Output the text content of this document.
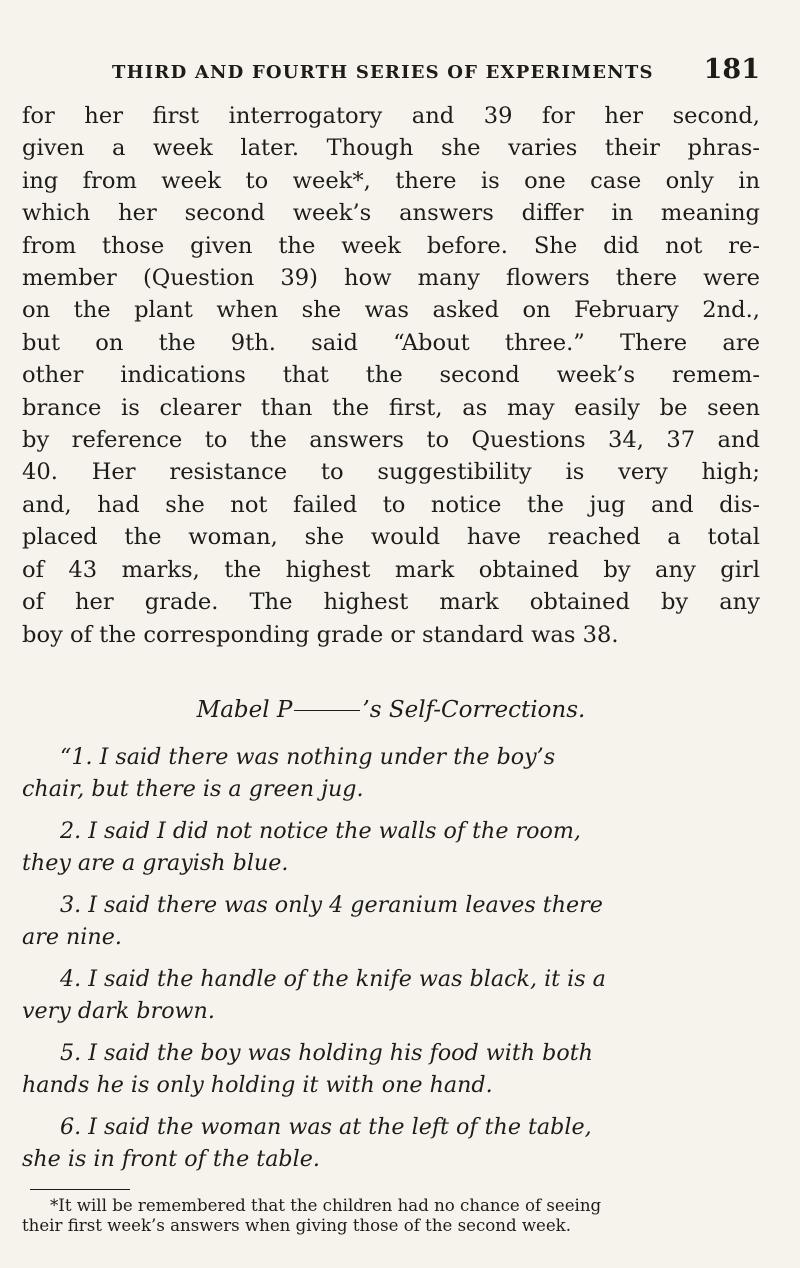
THIRD AND FOURTH SERIES OF EXPERIMENTS 181
for her first interrogatory and 39 for her second,
given a week later. Though she varies their phras-
ing from week to week*, there is one case only in
which her second week’s answers differ in meaning
from those given the week before. She did not re-
member (Question 39) how many flowers there were
on the plant when she was asked on February 2nd.,
but on the 9th. said “About three.” There are
other indications that the second week’s remem-
brance is clearer than the first, as may easily be seen
by reference to the answers to Questions 34, 37 and
40. Her resistance to suggestibility is very high;
and, had she not failed to notice the jug and dis-
placed the woman, she would have reached a total
of 43 marks, the highest mark obtained by any girl
of her grade. The highest mark obtained by any
boy of the corresponding grade or standard was 38.
Mabel P	’s Self-Corrections.
“1. I said there was nothing under the boy’s
chair, but there is a green jug.
2. I said I did not notice the walls of the room,
they are a grayish blue.
3. I said there was only 4 geranium leaves there
are nine.
4. I said the handle of the knife was black, it is a
very dark brown.
5. I said the boy was holding his food with both
hands he is only holding it with one hand.
6. I said the woman was at the left of the table,
she is in front of the table.
*It will be remembered that the children had no chance of seeing
their first week’s answers when giving those of the second week.
